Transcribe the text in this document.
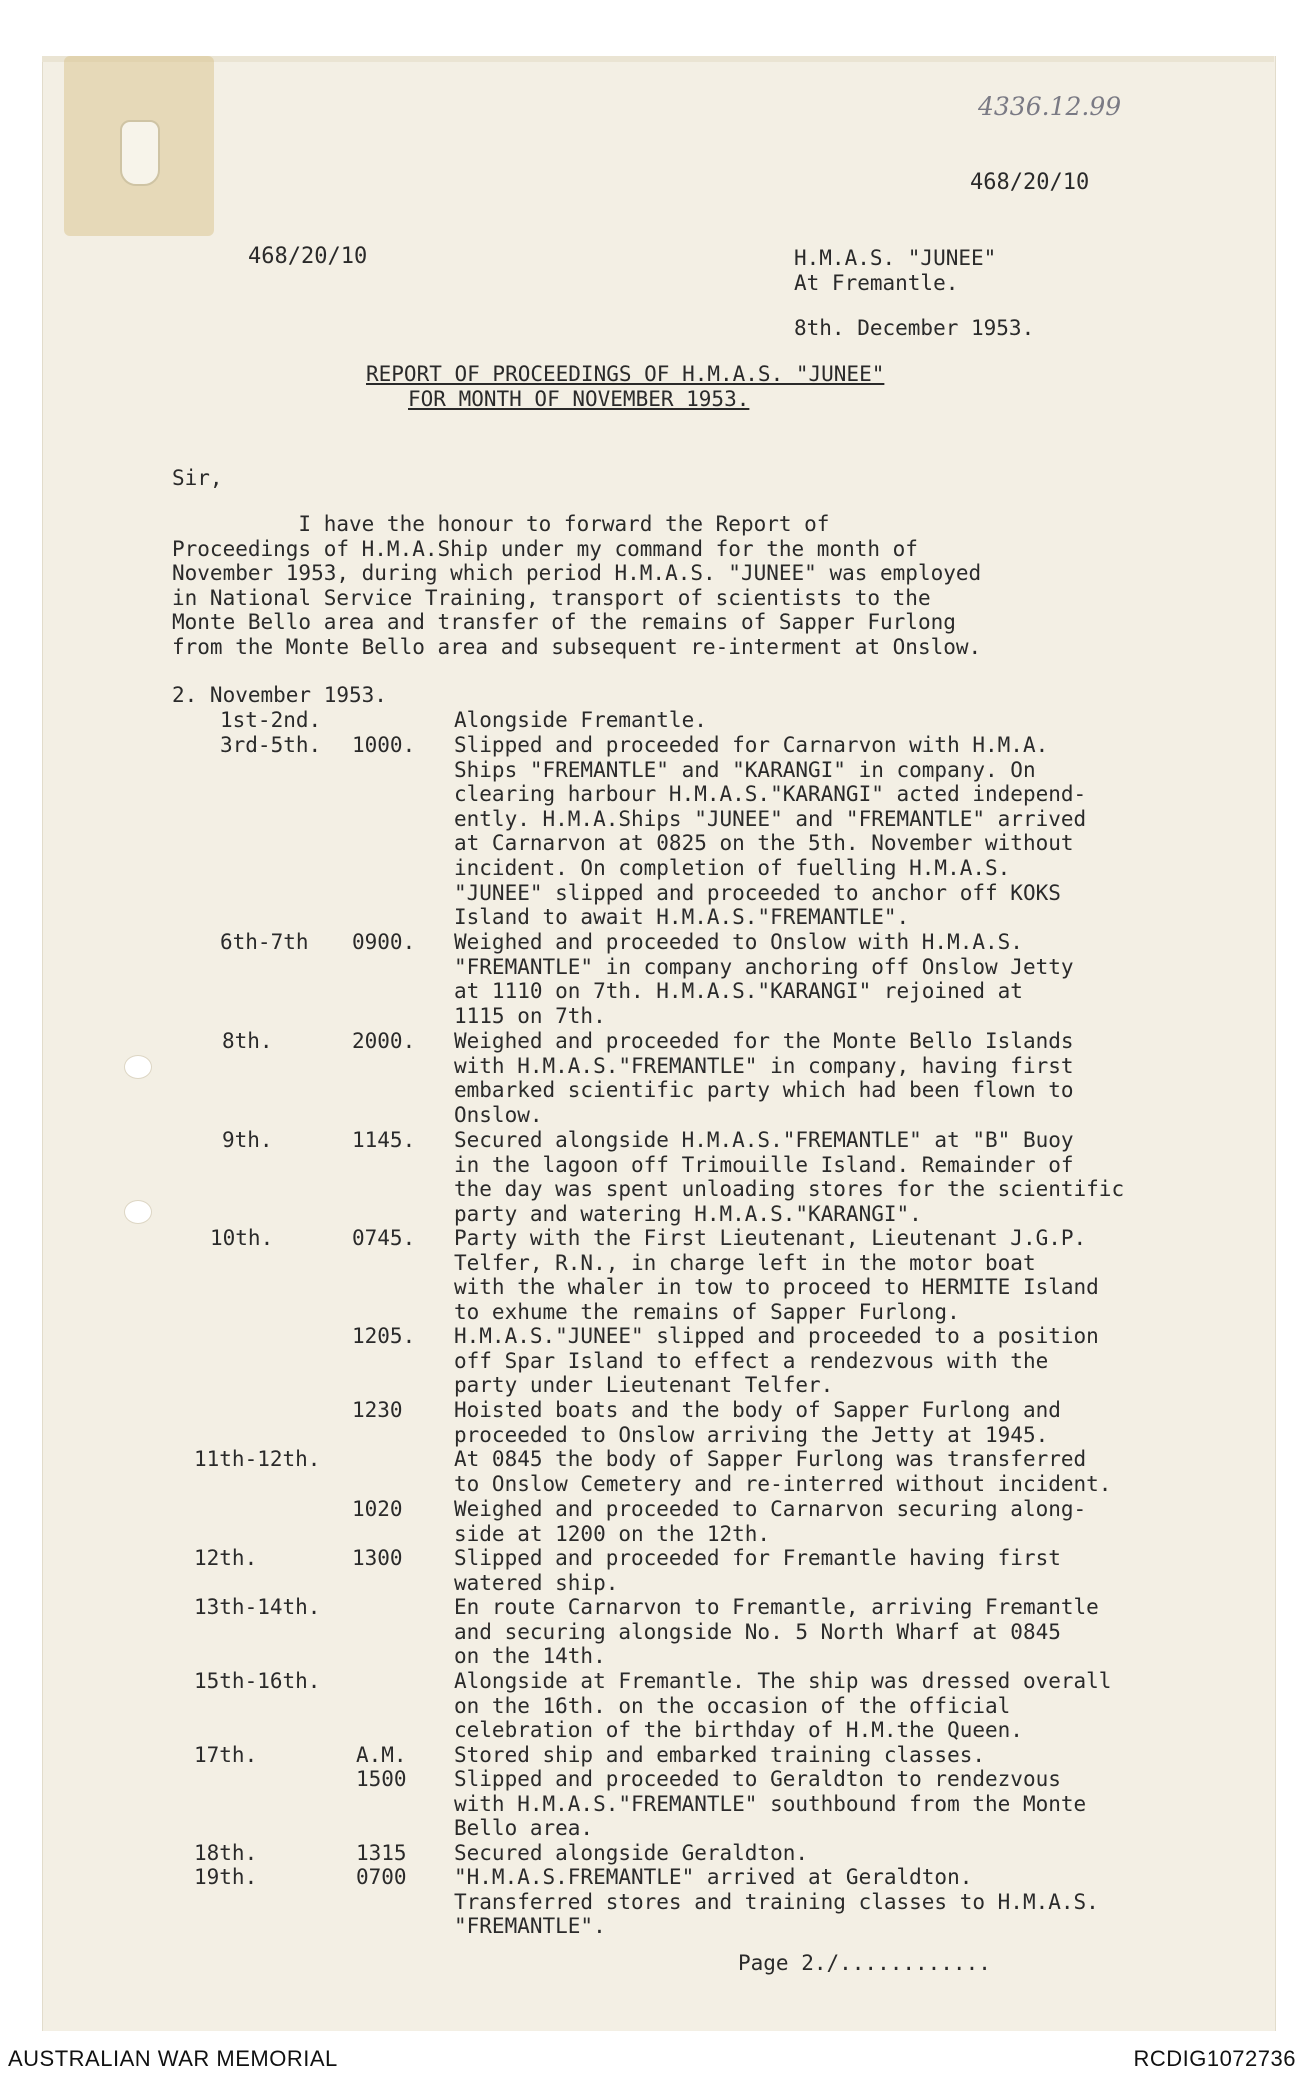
4336.12.99
468/20/10
468/20/10	H.M.A.S. "JUNEE"
At Fremantle.
8th. December 1953.
REPORT OF PROCEEDINGS OF H.M.A.S. "JUNEE"
FOR MONTH OF NOVEMBER 1953.
Sir,
I have the honour to forward the Report of
Proceedings of H.M.A.Ship under my command for the month of
November 1953, during which period H.M.A.S. "JUNEE" was employed
in National Service Training, transport of scientists to the
Monte Bello area and transfer of the remains of Sapper Furlong
from the Monte Bello area and subsequent re-interment at Onslow.
2. November 1953.
1st-2nd.	Alongside Fremantle.
3rd-5th. 1000. Slipped and proceeded for Carnarvon with H.M.A.
Ships "FREMANTLE" and "KARANGI" in company. On
clearing harbour H.M.A.S."KARANGI" acted independ-
ently. H.M.A.Ships "JUNEE" and "FREMANTLE" arrived
at Carnarvon at 0825 on the 5th. November without
incident. On completion of fuelling H.M.A.S.
"JUNEE" slipped and proceeded to anchor off KOKS
Island to await H.M.A.S."FREMANTLE".
6th-7th 0900. Weighed and proceeded to Onslow with H.M.A.S.
"FREMANTLE" in company anchoring off Onslow Jetty
at 1110 on 7th. H.M.A.S."KARANGI" rejoined at
1115 on 7th.
8th.	2000. Weighed and proceeded for the Monte Bello Islands
with H.M.A.S."FREMANTLE" in company, having first
embarked scientific party which had been flown to
Onslow.
9th.	1145. Secured alongside H.M.A.S."FREMANTLE" at "B" Buoy
in the lagoon off Trimouille Island. Remainder of
the day was spent unloading stores for the scientific
party and watering H.M.A.S."KARANGI".
10th.	0745. Party with the First Lieutenant, Lieutenant J.G.P.
Telfer, R.N., in charge left in the motor boat
with the whaler in tow to proceed to HERMITE Island
to exhume the remains of Sapper Furlong.
1205. H.M.A.S."JUNEE" slipped and proceeded to a position
off Spar Island to effect a rendezvous with the
party under Lieutenant Telfer.
1230 Hoisted boats and the body of Sapper Furlong and
proceeded to Onslow arriving the Jetty at 1945.
11th-12th.	At 0845 the body of Sapper Furlong was transferred
to Onslow Cemetery and re-interred without incident.
1020 Weighed and proceeded to Carnarvon securing along-
side at 1200 on the 12th.
12th.	1300 Slipped and proceeded for Fremantle having first
watered ship.
13th-14th.	En route Carnarvon to Fremantle, arriving Fremantle
and securing alongside No. 5 North Wharf at 0845
on the 14th.
15th-16th.	Alongside at Fremantle. The ship was dressed overall
on the 16th. on the occasion of the official
celebration of the birthday of H.M.the Queen.
17th.	A.M. Stored ship and embarked training classes.
1500 Slipped and proceeded to Geraldton to rendezvous
with H.M.A.S."FREMANTLE" southbound from the Monte
Bello area.
18th.	1315 Secured alongside Geraldton.
19th.	0700 "H.M.A.S.FREMANTLE" arrived at Geraldton.
Transferred stores and training classes to H.M.A.S.
"FREMANTLE".
Page 2./............
AUSTRALIAN WAR MEMORIAL	RCDIG1072736
